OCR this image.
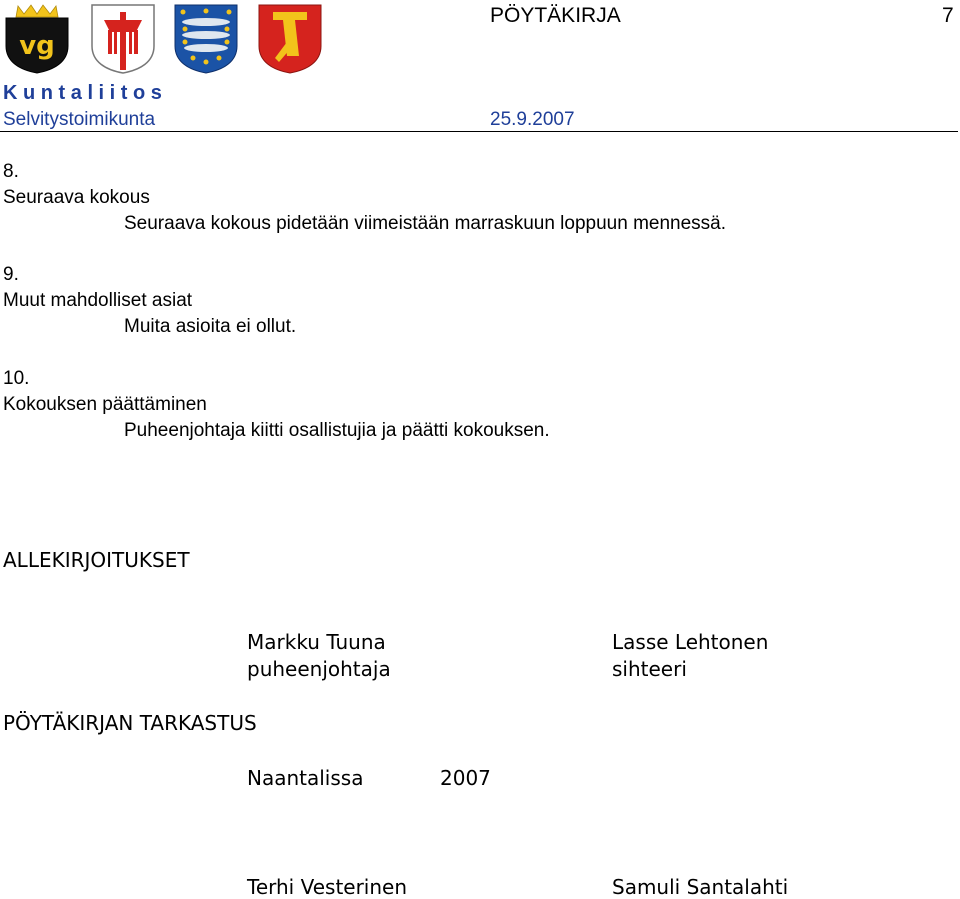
vg
PÖYTÄKIRJA	7
K u n t a l i i t o s
Selvitystoimikunta	25.9.2007
8.
Seuraava kokous
Seuraava kokous pidetään viimeistään marraskuun loppuun mennessä.
9.
Muut mahdolliset asiat
Muita asioita ei ollut.
10.
Kokouksen päättäminen
Puheenjohtaja kiitti osallistujia ja päätti kokouksen.
ALLEKIRJOITUKSET
Markku Tuuna
puheenjohtaja
Lasse Lehtonen
sihteeri
PÖYTÄKIRJAN TARKASTUS
Naantalissa	2007
Terhi Vesterinen	Samuli Santalahti
